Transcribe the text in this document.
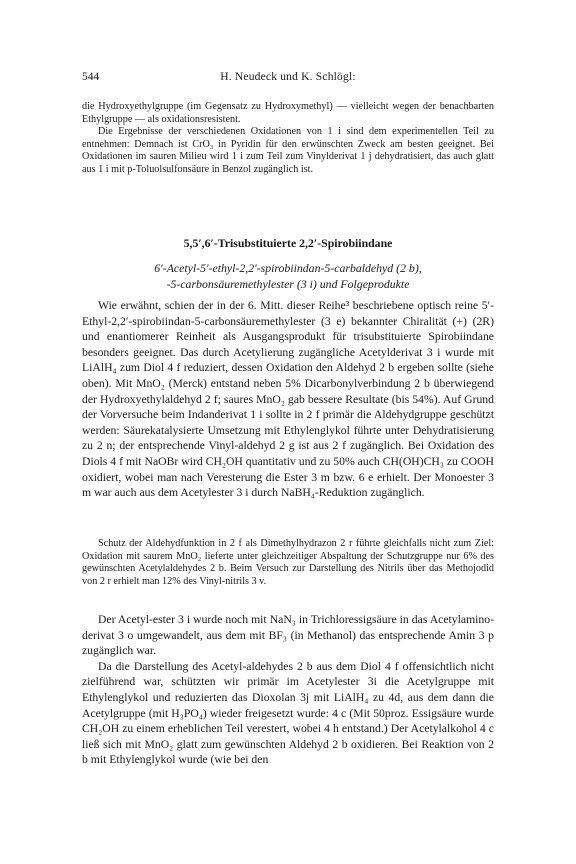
544	H. Neudeck und K. Schlögl:

die Hydroxyethylgruppe (im Gegensatz zu Hydroxymethyl) — vielleicht wegen der benachbarten Ethylgruppe — als oxidationsresistent.

Die Ergebnisse der verschiedenen Oxidationen von 1 i sind dem experimentellen Teil zu entnehmen: Demnach ist CrO₃ in Pyridin für den erwünschten Zweck am besten geeignet. Bei Oxidationen im sauren Milieu wird 1 i zum Teil zum Vinylderivat 1 j dehydratisiert, das auch glatt aus 1 i mit p-Toluolsulfonsäure in Benzol zugänglich ist.

5,5′,6′-Trisubstituierte 2,2′-Spirobiindane

6′-Acetyl-5′-ethyl-2,2′-spirobiindan-5-carbaldehyd (2 b),

-5-carbonsäuremethylester (3 i) und Folgeprodukte

Wie erwähnt, schien der in der 6. Mitt. dieser Reihe³ beschriebene optisch reine 5′-Ethyl-2,2′-spirobiindan-5-carbonsäuremethylester (3 e) bekannter Chiralität (+) (2R) und enantiomerer Reinheit als Ausgangsprodukt für trisubstituierte Spirobiindane besonders geeignet. Das durch Acetylierung zugängliche Acetylderivat 3 i wurde mit LiAlH₄ zum Diol 4 f reduziert, dessen Oxidation den Aldehyd 2 b ergeben sollte (siehe oben). Mit MnO₂ (Merck) entstand neben 5% Dicarbonylverbindung 2 b überwiegend der Hydroxyethylaldehyd 2 f; saures MnO₂ gab bessere Resultate (bis 54%). Auf Grund der Vorversuche beim Indanderivat 1 i sollte in 2 f primär die Aldehydgruppe geschützt werden: Säurekatalysierte Umsetzung mit Ethylenglykol führte unter Dehydratisierung zu 2 n; der entsprechende Vinyl-aldehyd 2 g ist aus 2 f zugänglich. Bei Oxidation des Diols 4 f mit NaOBr wird CH₂OH quantitativ und zu 50% auch CH(OH)CH₃ zu COOH oxidiert, wobei man nach Veresterung die Ester 3 m bzw. 6 e erhielt. Der Monoester 3 m war auch aus dem Acetylester 3 i durch NaBH₄-Reduktion zugänglich.

Schutz der Aldehydfunktion in 2 f als Dimethylhydrazon 2 r führte gleichfalls nicht zum Ziel: Oxidation mit saurem MnO₂ lieferte unter gleichzeitiger Abspaltung der Schutzgruppe nur 6% des gewünschten Acetylaldehydes 2 b. Beim Versuch zur Darstellung des Nitrils über das Methojodid von 2 r erhielt man 12% des Vinyl-nitrils 3 v.

Der Acetyl-ester 3 i wurde noch mit NaN₃ in Trichloressigsäure in das Acetylamino-derivat 3 o umgewandelt, aus dem mit BF₃ (in Methanol) das entsprechende Amin 3 p zugänglich war.

Da die Darstellung des Acetyl-aldehydes 2 b aus dem Diol 4 f offensichtlich nicht zielführend war, schützten wir primär im Acetylester 3i die Acetylgruppe mit Ethylenglykol und reduzierten das Dioxolan 3j mit LiAlH₄ zu 4d, aus dem dann die Acetylgruppe (mit H₃PO₄) wieder freigesetzt wurde: 4 c (Mit 50proz. Essigsäure wurde CH₂OH zu einem erheblichen Teil verestert, wobei 4 h entstand.) Der Acetylalkohol 4 c ließ sich mit MnO₂ glatt zum gewünschten Aldehyd 2 b oxidieren. Bei Reaktion von 2 b mit Ethylenglykol wurde (wie bei den
